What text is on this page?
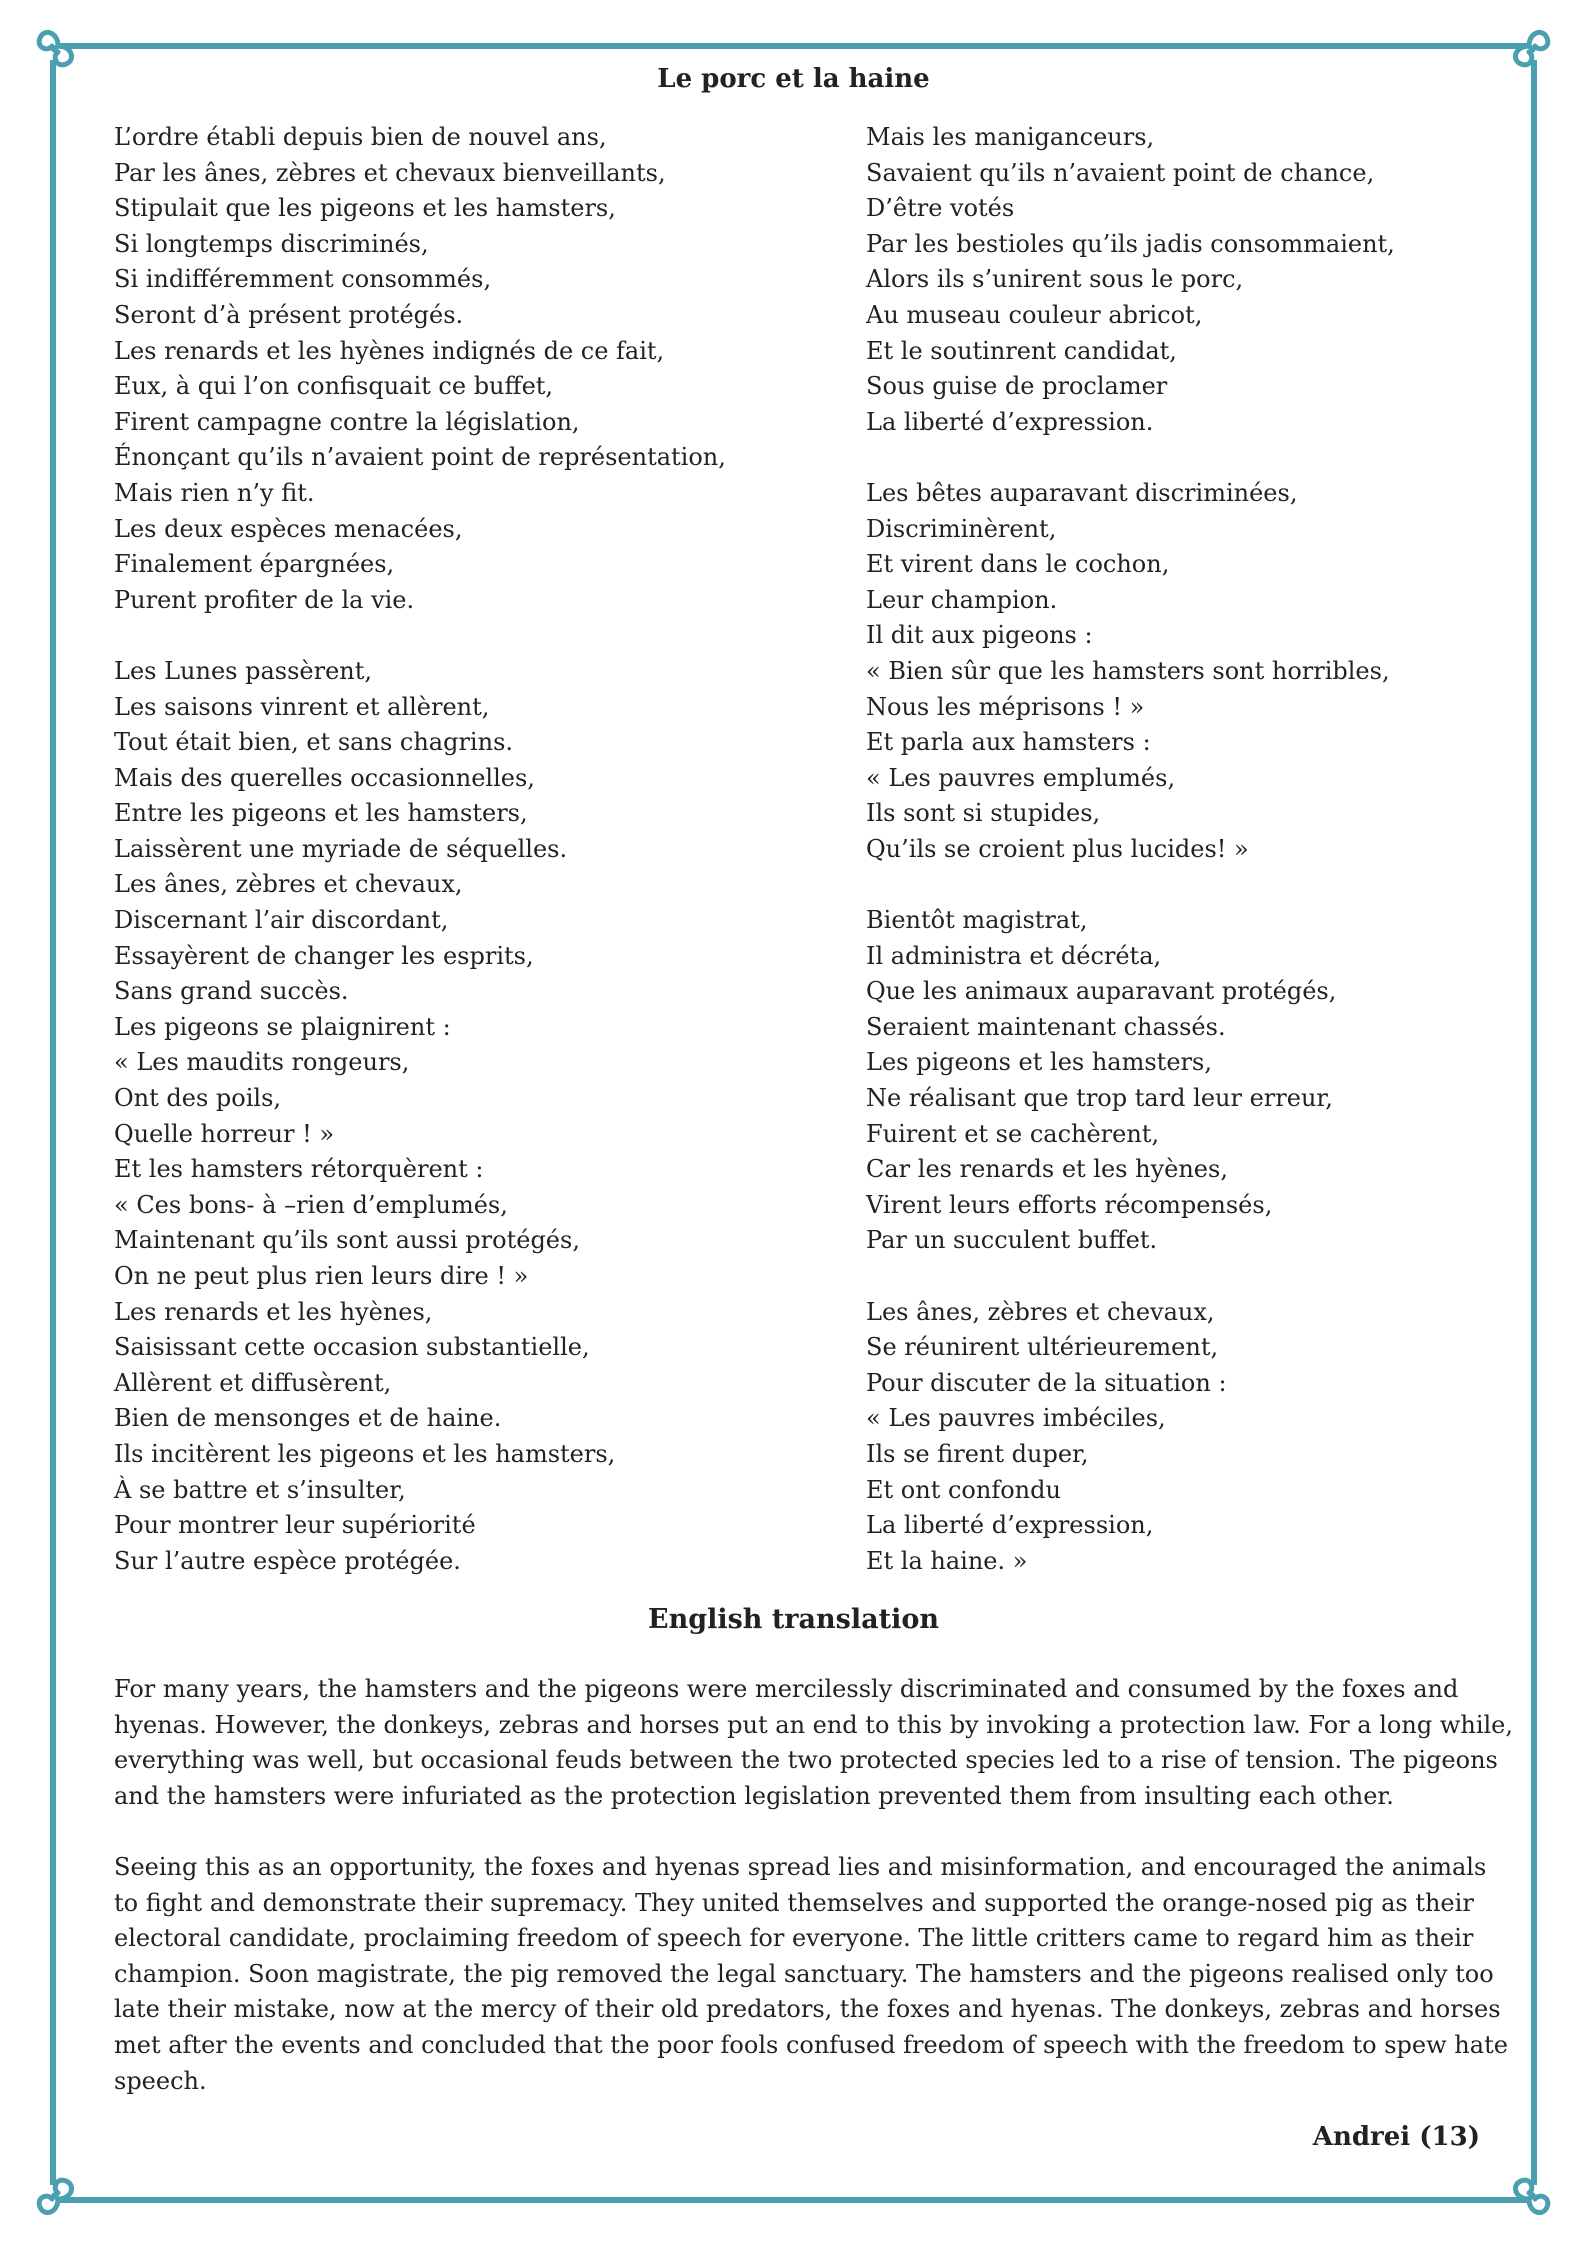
Le porc et la haine
L’ordre établi depuis bien de nouvel ans,
Par les ânes, zèbres et chevaux bienveillants,
Stipulait que les pigeons et les hamsters,
Si longtemps discriminés,
Si indifféremment consommés,
Seront d’à présent protégés.
Les renards et les hyènes indignés de ce fait,
Eux, à qui l’on confisquait ce buffet,
Firent campagne contre la législation,
Énonçant qu’ils n’avaient point de représentation,
Mais rien n’y fit.
Les deux espèces menacées,
Finalement épargnées,
Purent profiter de la vie.
Les Lunes passèrent,
Les saisons vinrent et allèrent,
Tout était bien, et sans chagrins.
Mais des querelles occasionnelles,
Entre les pigeons et les hamsters,
Laissèrent une myriade de séquelles.
Les ânes, zèbres et chevaux,
Discernant l’air discordant,
Essayèrent de changer les esprits,
Sans grand succès.
Les pigeons se plaignirent :
« Les maudits rongeurs,
Ont des poils,
Quelle horreur ! »
Et les hamsters rétorquèrent :
« Ces bons- à –rien d’emplumés,
Maintenant qu’ils sont aussi protégés,
On ne peut plus rien leurs dire ! »
Les renards et les hyènes,
Saisissant cette occasion substantielle,
Allèrent et diffusèrent,
Bien de mensonges et de haine.
Ils incitèrent les pigeons et les hamsters,
À se battre et s’insulter,
Pour montrer leur supériorité
Sur l’autre espèce protégée.
Mais les maniganceurs,
Savaient qu’ils n’avaient point de chance,
D’être votés
Par les bestioles qu’ils jadis consommaient,
Alors ils s’unirent sous le porc,
Au museau couleur abricot,
Et le soutinrent candidat,
Sous guise de proclamer
La liberté d’expression.
Les bêtes auparavant discriminées,
Discriminèrent,
Et virent dans le cochon,
Leur champion.
Il dit aux pigeons :
« Bien sûr que les hamsters sont horribles,
Nous les méprisons ! »
Et parla aux hamsters :
« Les pauvres emplumés,
Ils sont si stupides,
Qu’ils se croient plus lucides! »
Bientôt magistrat,
Il administra et décréta,
Que les animaux auparavant protégés,
Seraient maintenant chassés.
Les pigeons et les hamsters,
Ne réalisant que trop tard leur erreur,
Fuirent et se cachèrent,
Car les renards et les hyènes,
Virent leurs efforts récompensés,
Par un succulent buffet.
Les ânes, zèbres et chevaux,
Se réunirent ultérieurement,
Pour discuter de la situation :
« Les pauvres imbéciles,
Ils se firent duper,
Et ont confondu
La liberté d’expression,
Et la haine. »
English translation

For many years, the hamsters and the pigeons were mercilessly discriminated and consumed by the foxes and hyenas. However, the donkeys, zebras and horses put an end to this by invoking a protection law. For a long while, everything was well, but occasional feuds between the two protected species led to a rise of tension. The pigeons and the hamsters were infuriated as the protection legislation prevented them from insulting each other.

Seeing this as an opportunity, the foxes and hyenas spread lies and misinformation, and encouraged the animals to fight and demonstrate their supremacy. They united themselves and supported the orange-nosed pig as their electoral candidate, proclaiming freedom of speech for everyone. The little critters came to regard him as their champion. Soon magistrate, the pig removed the legal sanctuary. The hamsters and the pigeons realised only too late their mistake, now at the mercy of their old predators, the foxes and hyenas. The donkeys, zebras and horses met after the events and concluded that the poor fools confused freedom of speech with the freedom to spew hate speech.

Andrei (13)
